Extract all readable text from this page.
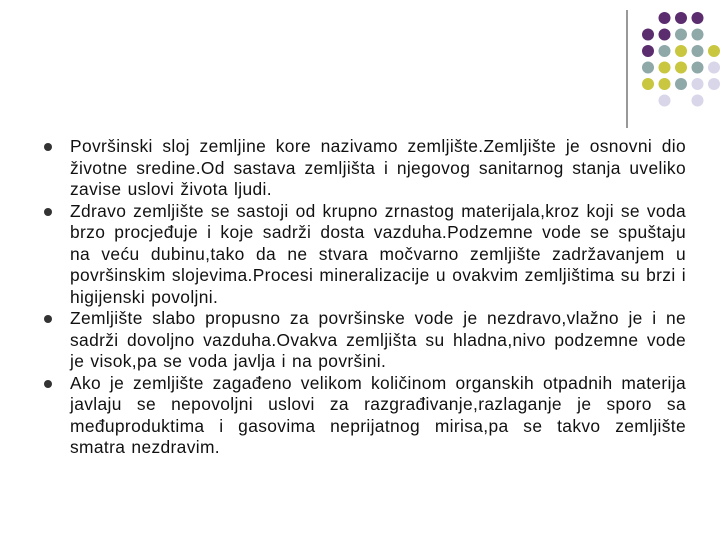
Površinski sloj zemljine kore nazivamo zemljište.Zemljište je osnovni dio životne sredine.Od sastava zemljišta i njegovog sanitarnog stanja uveliko zavise uslovi života ljudi.
Zdravo zemljište se sastoji od krupno zrnastog materijala,kroz koji se voda brzo procjeđuje i koje sadrži dosta vazduha.Podzemne vode se spuštaju na veću dubinu,tako da ne stvara močvarno zemljište zadržavanjem u površinskim slojevima.Procesi mineralizacije u ovakvim zemljištima su brzi i higijenski povoljni.
Zemljište slabo propusno za površinske vode je nezdravo,vlažno je i ne sadrži dovoljno vazduha.Ovakva zemljišta su hladna,nivo podzemne vode je visok,pa se voda javlja i na površini.
Ako je zemljište zagađeno velikom količinom organskih otpadnih materija javlaju se nepovoljni uslovi za razgrađivanje,razlaganje je sporo sa međuproduktima i gasovima neprijatnog mirisa,pa se takvo zemljište smatra nezdravim.
